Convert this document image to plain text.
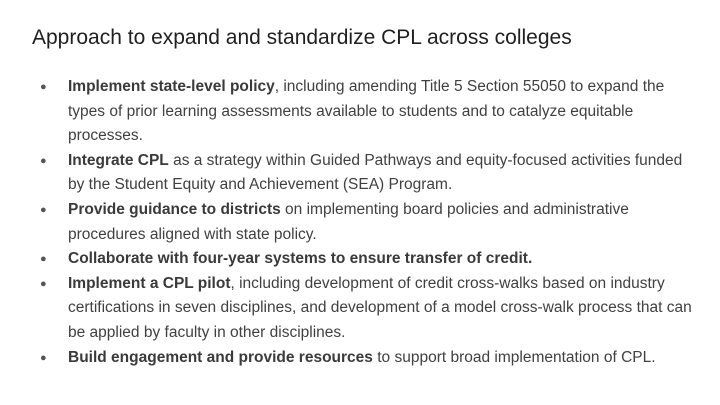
Approach to expand and standardize CPL across colleges
● Implement state-level policy, including amending Title 5 Section 55050 to expand the types of prior learning assessments available to students and to catalyze equitable processes.
● Integrate CPL as a strategy within Guided Pathways and equity-focused activities funded by the Student Equity and Achievement (SEA) Program.
● Provide guidance to districts on implementing board policies and administrative procedures aligned with state policy.
● Collaborate with four-year systems to ensure transfer of credit.
● Implement a CPL pilot, including development of credit cross-walks based on industry certifications in seven disciplines, and development of a model cross-walk process that can be applied by faculty in other disciplines.
● Build engagement and provide resources to support broad implementation of CPL.
